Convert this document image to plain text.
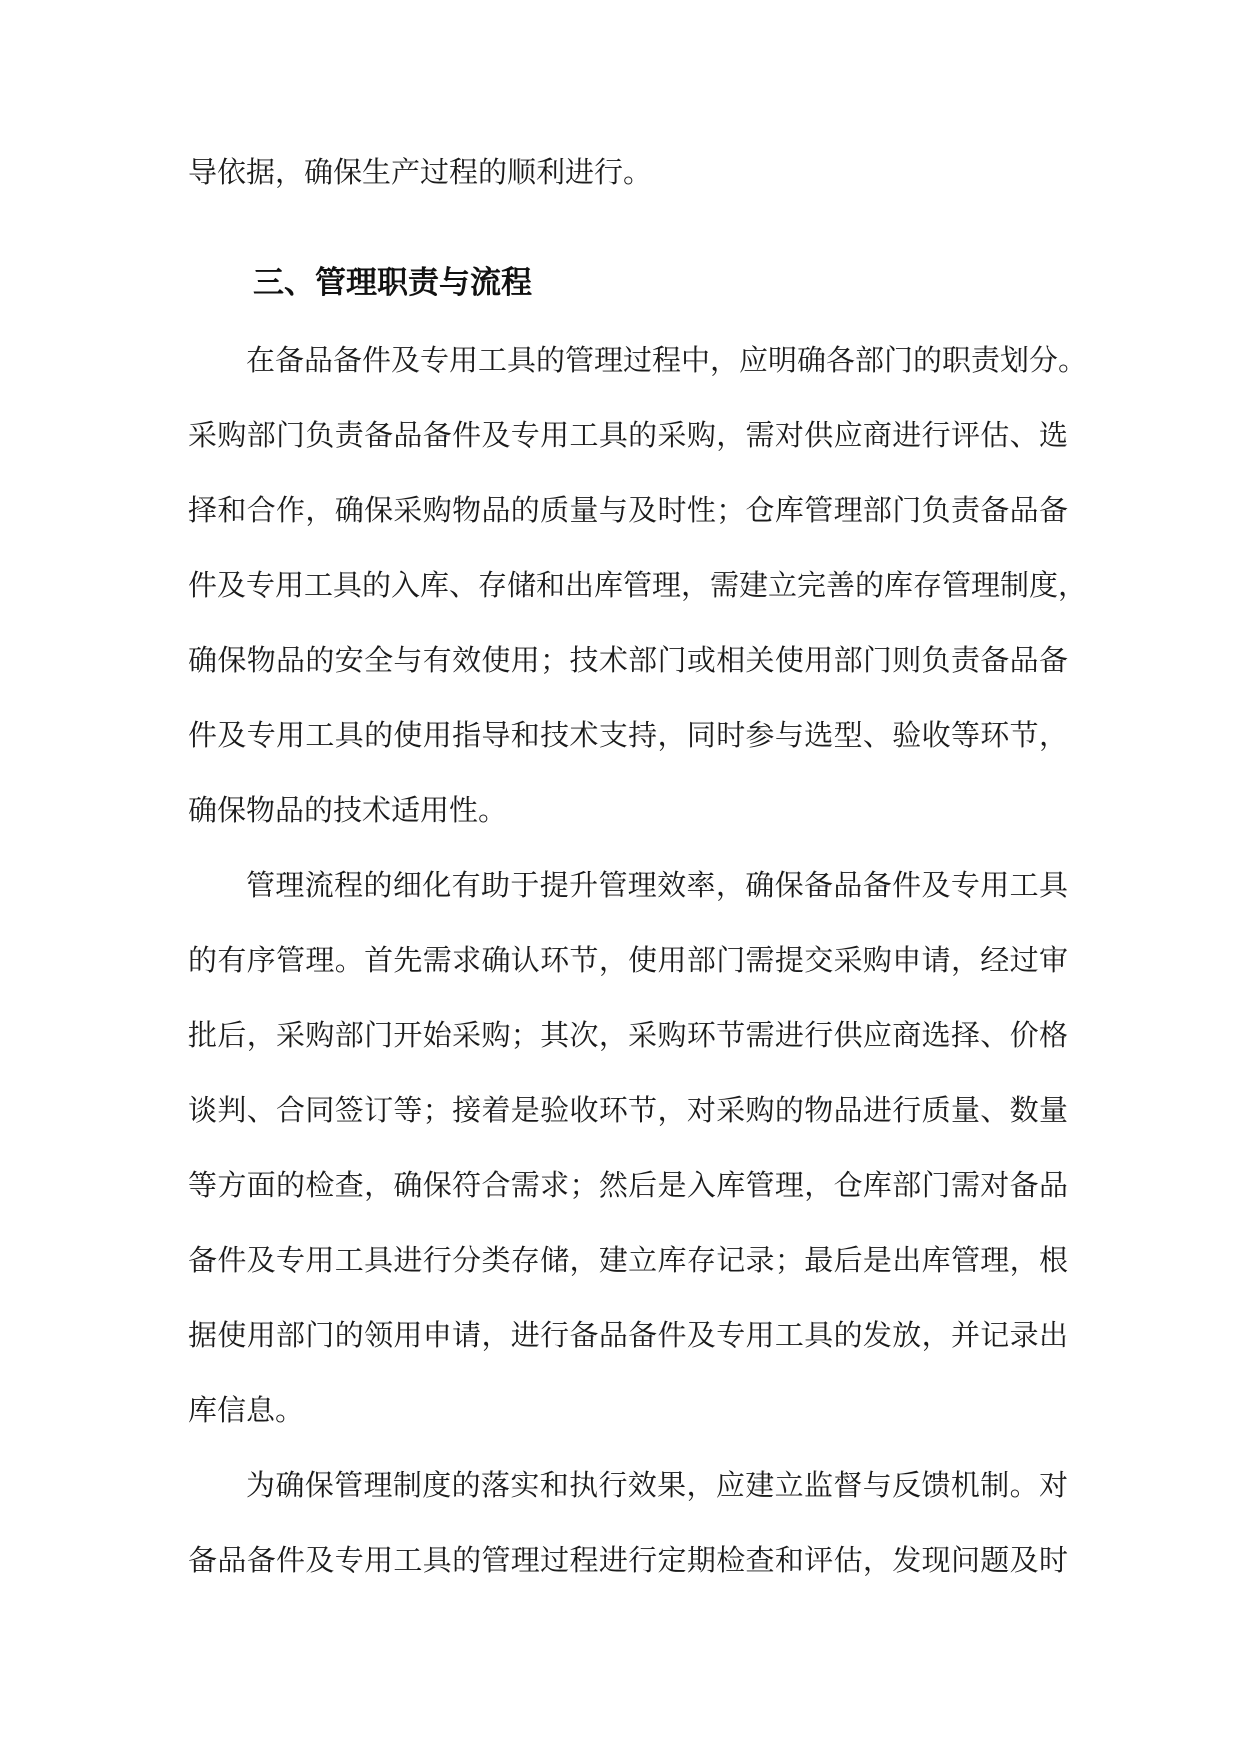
导依据，确保生产过程的顺利进行。

三、管理职责与流程

在备品备件及专用工具的管理过程中，应明确各部门的职责划分。

采购部门负责备品备件及专用工具的采购，需对供应商进行评估、选

择和合作，确保采购物品的质量与及时性；仓库管理部门负责备品备

件及专用工具的入库、存储和出库管理，需建立完善的库存管理制度，

确保物品的安全与有效使用；技术部门或相关使用部门则负责备品备

件及专用工具的使用指导和技术支持，同时参与选型、验收等环节，

确保物品的技术适用性。

管理流程的细化有助于提升管理效率，确保备品备件及专用工具

的有序管理。首先需求确认环节，使用部门需提交采购申请，经过审

批后，采购部门开始采购；其次，采购环节需进行供应商选择、价格

谈判、合同签订等；接着是验收环节，对采购的物品进行质量、数量

等方面的检查，确保符合需求；然后是入库管理，仓库部门需对备品

备件及专用工具进行分类存储，建立库存记录；最后是出库管理，根

据使用部门的领用申请，进行备品备件及专用工具的发放，并记录出

库信息。

为确保管理制度的落实和执行效果，应建立监督与反馈机制。对

备品备件及专用工具的管理过程进行定期检查和评估，发现问题及时
